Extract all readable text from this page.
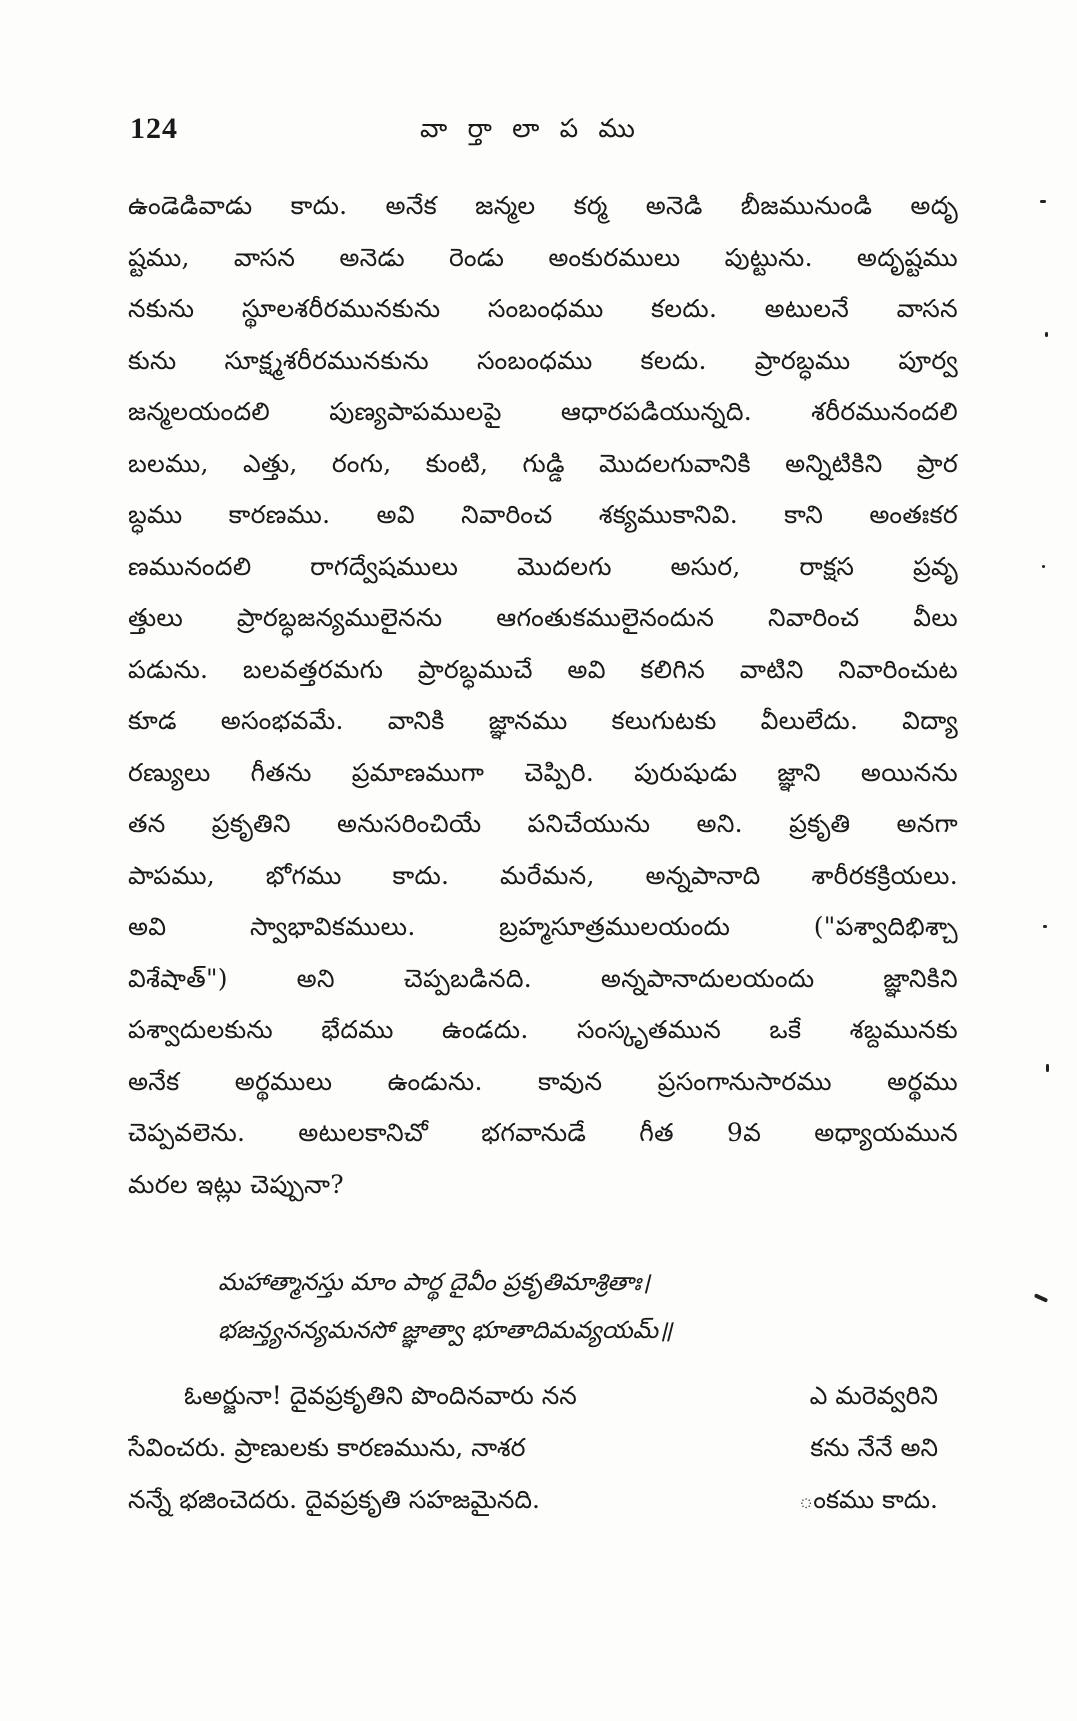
124	వా ర్తా లా ప ము
ఉండెడివాడు కాదు. అనేక జన్మల కర్మ అనెడి బీజమునుండి అదృ
ష్టము, వాసన అనెడు రెండు అంకురములు పుట్టును. అదృష్టము
నకును స్థూలశరీరమునకును సంబంధము కలదు. అటులనే వాసన
కును సూక్ష్మశరీరమునకును సంబంధము కలదు. ప్రారబ్ధము పూర్వ
జన్మలయందలి పుణ్యపాపములపై ఆధారపడియున్నది. శరీరమునందలి
బలము, ఎత్తు, రంగు, కుంటి, గుడ్డి మొదలగువానికి అన్నిటికిని ప్రార
బ్ధము కారణము. అవి నివారించ శక్యముకానివి. కాని అంతఃకర
ణమునందలి రాగద్వేషములు మొదలగు అసుర, రాక్షస ప్రవృ
త్తులు ప్రారబ్ధజన్యములైనను ఆగంతుకములైనందున నివారించ వీలు
పడును. బలవత్తరమగు ప్రారబ్ధముచే అవి కలిగిన వాటిని నివారించుట
కూడ అసంభవమే. వానికి జ్ఞానము కలుగుటకు వీలులేదు. విద్యా
రణ్యులు గీతను ప్రమాణముగా చెప్పిరి. పురుషుడు జ్ఞాని అయినను
తన ప్రకృతిని అనుసరించియే పనిచేయును అని. ప్రకృతి అనగా
పాపము, భోగము కాదు. మరేమన, అన్నపానాది శారీరకక్రియలు.
అవి స్వాభావికములు. బ్రహ్మసూత్రములయందు ("పశ్వాదిభిశ్చా
విశేషాత్") అని చెప్పబడినది. అన్నపానాదులయందు జ్ఞానికిని
పశ్వాదులకును భేదము ఉండదు. సంస్కృతమున ఒకే శబ్దమునకు
అనేక అర్థములు ఉండును. కావున ప్రసంగానుసారము అర్థము
చెప్పవలెను. అటులకానిచో భగవానుడే గీత 9వ అధ్యాయమున
మరల ఇట్లు చెప్పునా?
మహాత్మానస్తు మాం పార్థ దైవీం ప్రకృతిమాశ్రితాః।
భజన్త్యనన్యమనసో జ్ఞాత్వా భూతాదిమవ్యయమ్॥
ఓఅర్జునా! దైవప్రకృతిని పొందినవారు నన	ఎ మరెవ్వరిని
సేవించరు. ప్రాణులకు కారణమును, నాశర	కను నేనే అని
నన్నే భజించెదరు. దైవప్రకృతి సహజమైనది.	ంకము కాదు.
